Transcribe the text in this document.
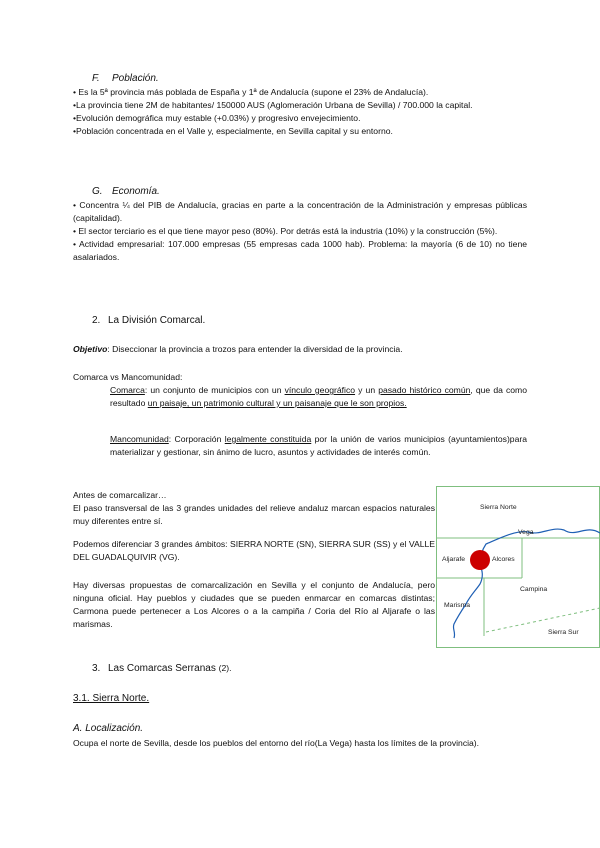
F. Población.

• Es la 5ª provincia más poblada de España y 1ª de Andalucía (supone el 23% de Andalucía).

•La provincia tiene 2M de habitantes/ 150000 AUS (Aglomeración Urbana de Sevilla) / 700.000 la capital.

•Evolución demográfica muy estable (+0.03%) y progresivo envejecimiento.

•Población concentrada en el Valle y, especialmente, en Sevilla capital y su entorno.

G. Economía.

• Concentra ¼ del PIB de Andalucía, gracias en parte a la concentración de la Administración y empresas públicas (capitalidad).

• El sector terciario es el que tiene mayor peso (80%). Por detrás está la industria (10%) y la construcción (5%).

• Actividad empresarial: 107.000 empresas (55 empresas cada 1000 hab). Problema: la mayoría (6 de 10) no tiene asalariados.

2. La División Comarcal.

Objetivo: Diseccionar la provincia a trozos para entender la diversidad de la provincia.

Comarca vs Mancomunidad:

Comarca: un conjunto de municipios con un vínculo geográfico y un pasado histórico común, que da como resultado un paisaje, un patrimonio cultural y un paisanaje que le son propios.

Mancomunidad: Corporación legalmente constituida por la unión de varios municipios (ayuntamientos)para materializar y gestionar, sin ánimo de lucro, asuntos y actividades de interés común.

Antes de comarcalizar…

El paso transversal de las 3 grandes unidades del relieve andaluz marcan espacios naturales muy diferentes entre sí.

Podemos diferenciar 3 grandes ámbitos: SIERRA NORTE (SN), SIERRA SUR (SS) y el VALLE DEL GUADALQUIVIR (VG).

Hay diversas propuestas de comarcalización en Sevilla y el conjunto de Andalucía, pero ninguna oficial. Hay pueblos y ciudades que se pueden enmarcar en comarcas distintas; Carmona puede pertenecer a Los Alcores o a la campiña / Coria del Río al Aljarafe o las marismas.

Sierra Norte
Vega
Aljarafe	Alcores
Campina
Marisma
Sierra Sur
3. Las Comarcas Serranas (2).

3.1. Sierra Norte.

A. Localización.

Ocupa el norte de Sevilla, desde los pueblos del entorno del río(La Vega) hasta los límites de la provincia).
